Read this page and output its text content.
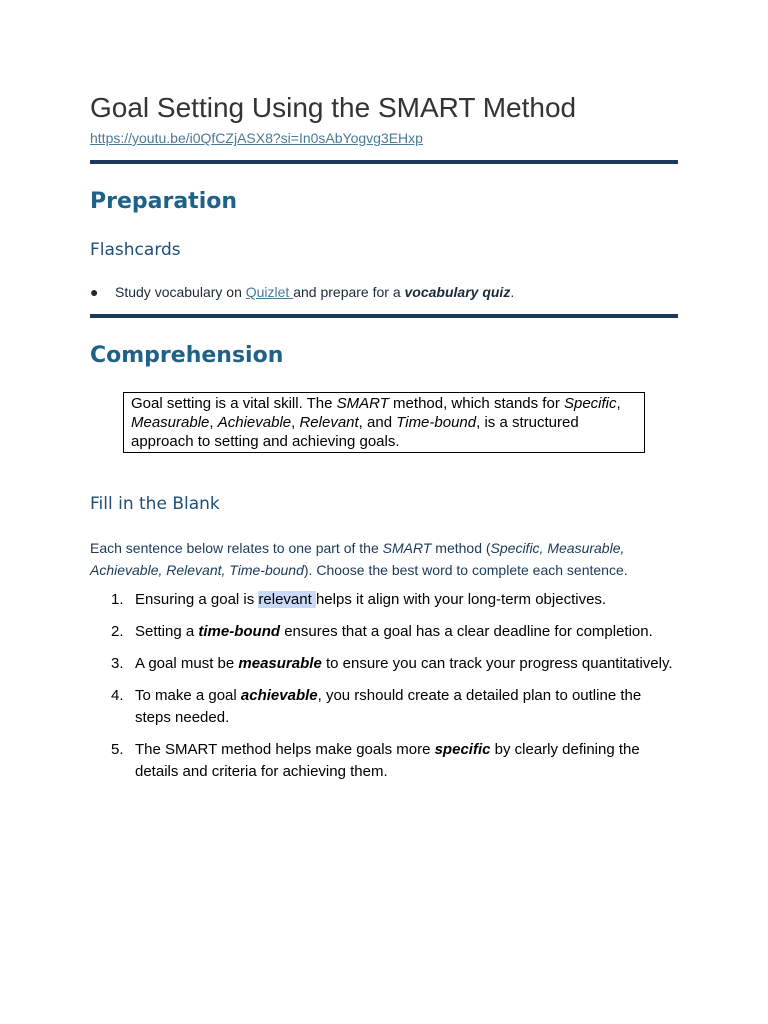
Goal Setting Using the SMART Method
https://youtu.be/i0QfCZjASX8?si=In0sAbYogvg3EHxp
Preparation
Flashcards
● Study vocabulary on Quizlet and prepare for a vocabulary quiz.
Comprehension
Goal setting is a vital skill. The SMART method, which stands for Specific, Measurable, Achievable, Relevant, and Time-bound, is a structured approach to setting and achieving goals.
Fill in the Blank
Each sentence below relates to one part of the SMART method (Specific, Measurable, Achievable, Relevant, Time-bound). Choose the best word to complete each sentence.
1. Ensuring a goal is relevant helps it align with your long-term objectives.
2. Setting a time-bound ensures that a goal has a clear deadline for completion.
3. A goal must be measurable to ensure you can track your progress quantitatively.
4. To make a goal achievable, you rshould create a detailed plan to outline the steps needed.
5. The SMART method helps make goals more specific by clearly defining the details and criteria for achieving them.
